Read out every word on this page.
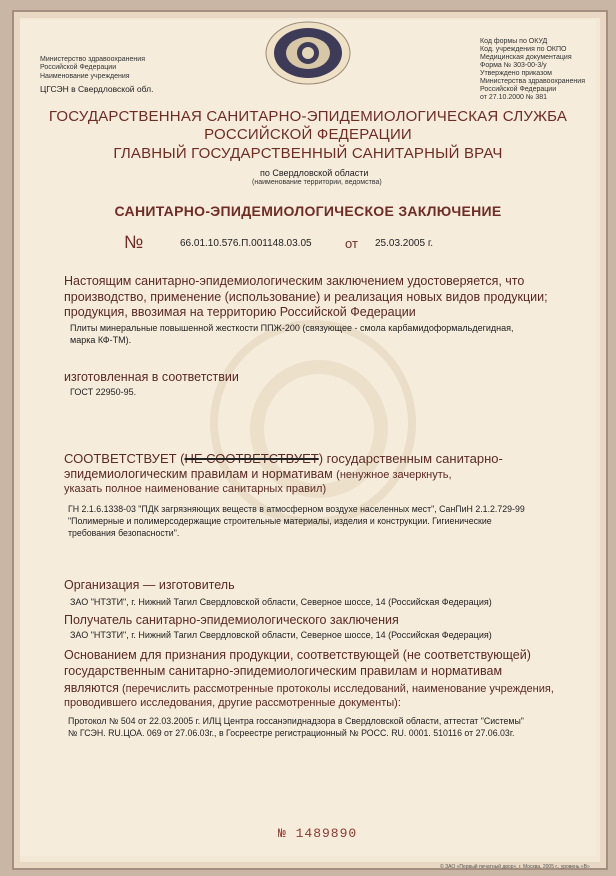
Министерство здравоохранения
Российской Федерации
Наименование учреждения
ЦГСЭН в Свердловской обл.
Код формы по ОКУД
Код. учреждения по ОКПО
Медицинская документация
Форма № 303-00-3/у
Утверждено приказом
Министерства здравоохранения
Российской Федерации
от 27.10.2000 № 381
ГОСУДАРСТВЕННАЯ САНИТАРНО-ЭПИДЕМИОЛОГИЧЕСКАЯ СЛУЖБА
РОССИЙСКОЙ ФЕДЕРАЦИИ
ГЛАВНЫЙ ГОСУДАРСТВЕННЫЙ САНИТАРНЫЙ ВРАЧ
по Свердловской области
(наименование территории, ведомства)
САНИТАРНО-ЭПИДЕМИОЛОГИЧЕСКОЕ ЗАКЛЮЧЕНИЕ
№	66.01.10.576.П.001148.03.05	от 25.03.2005 г.
Настоящим санитарно-эпидемиологическим заключением удостоверяется, что
производство, применение (использование) и реализация новых видов продукции;
продукция, ввозимая на территорию Российской Федерации
Плиты минеральные повышенной жесткости ППЖ-200 (связующее - смола карбамидоформальдегидная,
марка КФ-ТМ).
изготовленная в соответствии
ГОСТ 22950-95.
СООТВЕТСТВУЕТ (НЕ СООТВЕТСТВУЕТ) государственным санитарно-
эпидемиологическим правилам и нормативам (ненужное зачеркнуть,
указать полное наименование санитарных правил)
ГН 2.1.6.1338-03 "ПДК загрязняющих веществ в атмосферном воздухе населенных мест", СанПиН 2.1.2.729-99
"Полимерные и полимерсодержащие строительные материалы, изделия и конструкции. Гигиенические
требования безопасности".
Организация — изготовитель
ЗАО "НТЗТИ", г. Нижний Тагил Свердловской области, Северное шоссе, 14 (Российская Федерация)
Получатель санитарно-эпидемиологического заключения
ЗАО "НТЗТИ", г. Нижний Тагил Свердловской области, Северное шоссе, 14 (Российская Федерация)
Основанием для признания продукции, соответствующей (не соответствующей)
государственным санитарно-эпидемиологическим правилам и нормативам
являются (перечислить рассмотренные протоколы исследований, наименование учреждения,
проводившего исследования, другие рассмотренные документы):
Протокол № 504 от 22.03.2005 г. ИЛЦ Центра госсанэпиднадзора в Свердловской области, аттестат "Системы"
№ ГСЭН. RU.ЦОА. 069 от 27.06.03г., в Госреестре регистрационный № РОСС. RU. 0001. 510116 от 27.06.03г.
№ 1489890
© ЗАО «Первый печатный двор», г. Москва, 2005 г., уровень «В»
